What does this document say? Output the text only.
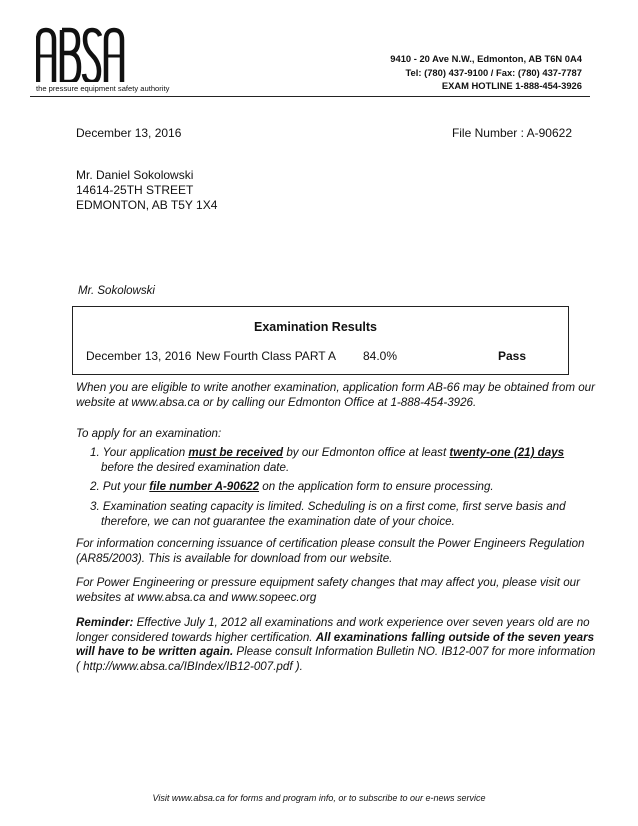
the pressure equipment safety authority
9410 - 20 Ave N.W., Edmonton, AB T6N 0A4
Tel: (780) 437-9100 / Fax: (780) 437-7787
EXAM HOTLINE 1-888-454-3926
December 13, 2016	File Number : A-90622
Mr. Daniel Sokolowski
14614-25TH STREET
EDMONTON, AB T5Y 1X4
Mr. Sokolowski
Examination Results
December 13, 2016 New Fourth Class PART A 84.0%	Pass
When you are eligible to write another examination, application form AB-66 may be obtained from our website at www.absa.ca or by calling our Edmonton Office at 1-888-454-3926.
To apply for an examination:
1. Your application must be received by our Edmonton office at least twenty-one (21) days
before the desired examination date.
2. Put your file number A-90622 on the application form to ensure processing.
3. Examination seating capacity is limited. Scheduling is on a first come, first serve basis and
therefore, we can not guarantee the examination date of your choice.
For information concerning issuance of certification please consult the Power Engineers Regulation (AR85/2003). This is available for download from our website.
For Power Engineering or pressure equipment safety changes that may affect you, please visit our websites at www.absa.ca and www.sopeec.org
Reminder: Effective July 1, 2012 all examinations and work experience over seven years old are no longer considered towards higher certification. All examinations falling outside of the seven years will have to be written again. Please consult Information Bulletin NO. IB12-007 for more information ( http://www.absa.ca/IBIndex/IB12-007.pdf ).
Visit www.absa.ca for forms and program info, or to subscribe to our e-news service
